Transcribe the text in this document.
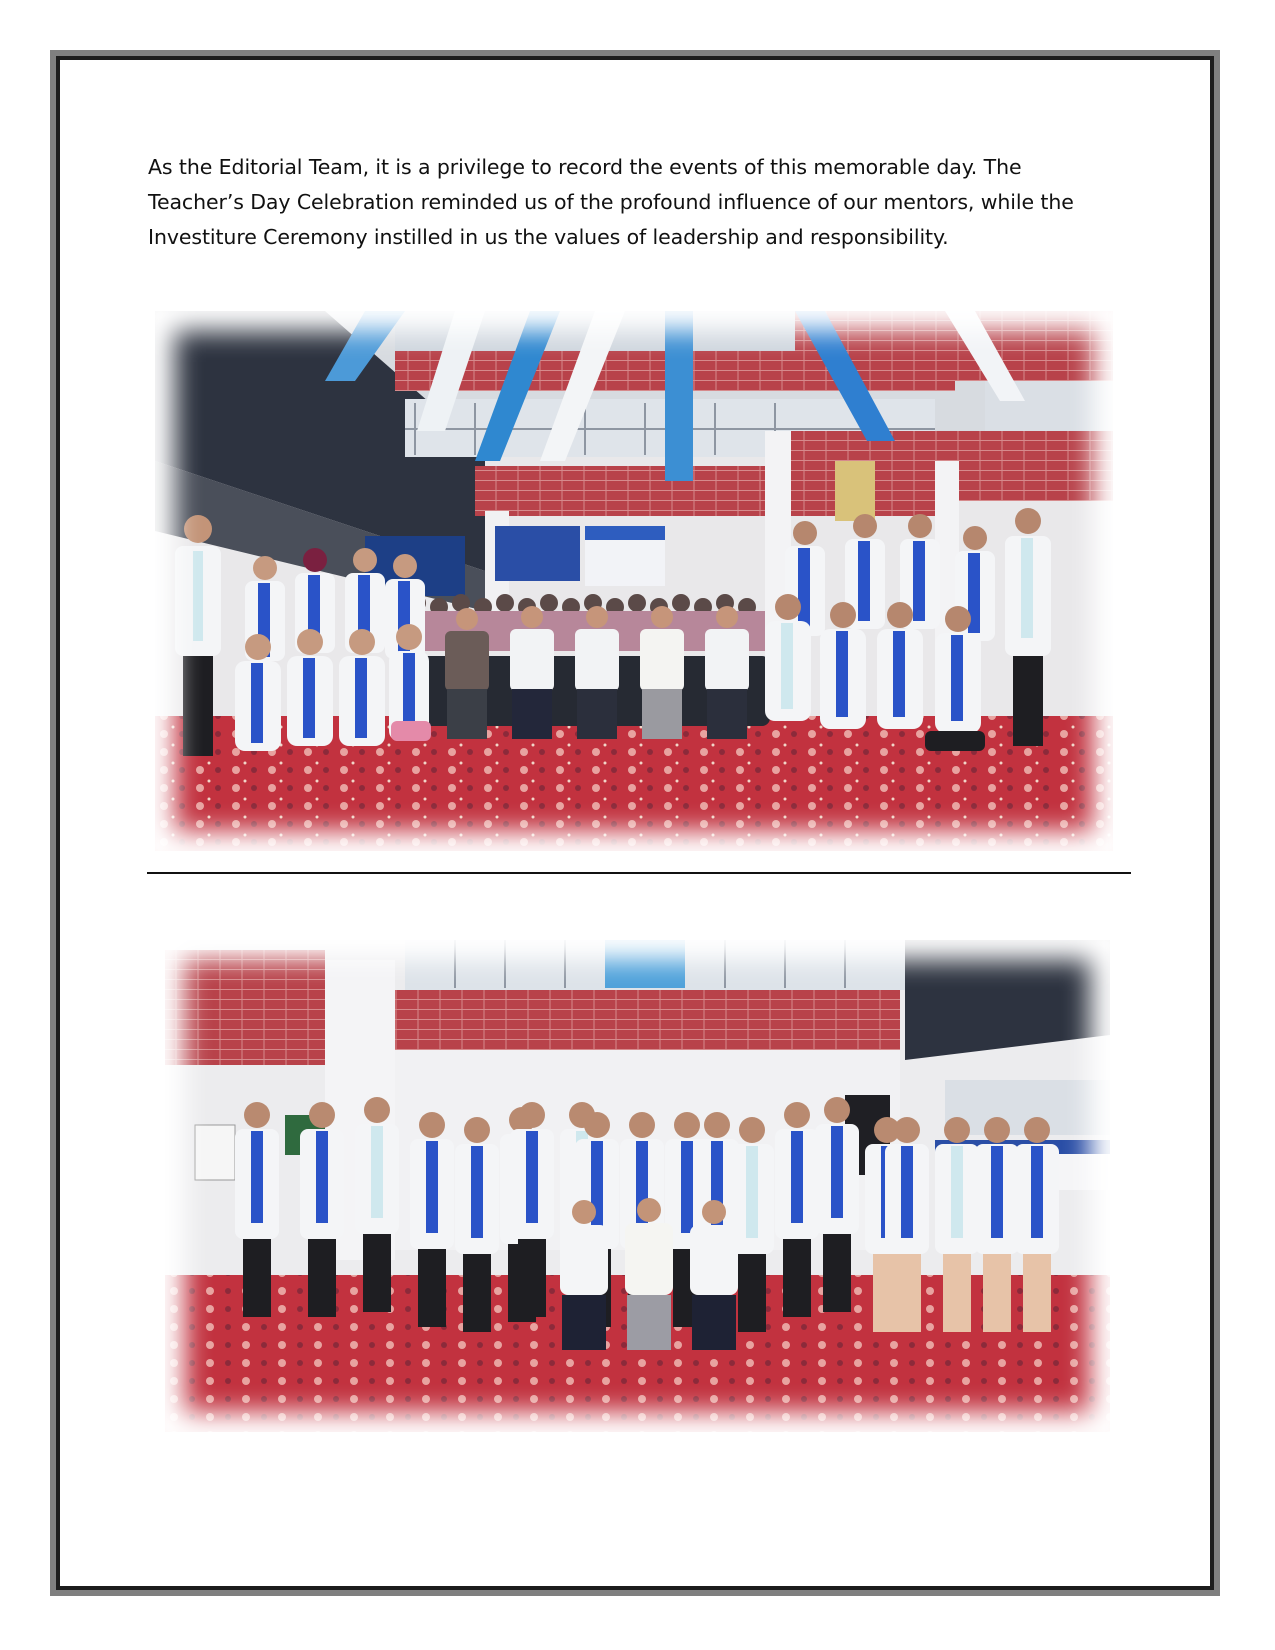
As the Editorial Team, it is a privilege to record the events of this memorable day. The
Teacher’s Day Celebration reminded us of the profound influence of our mentors, while the
Investiture Ceremony instilled in us the values of leadership and responsibility.
